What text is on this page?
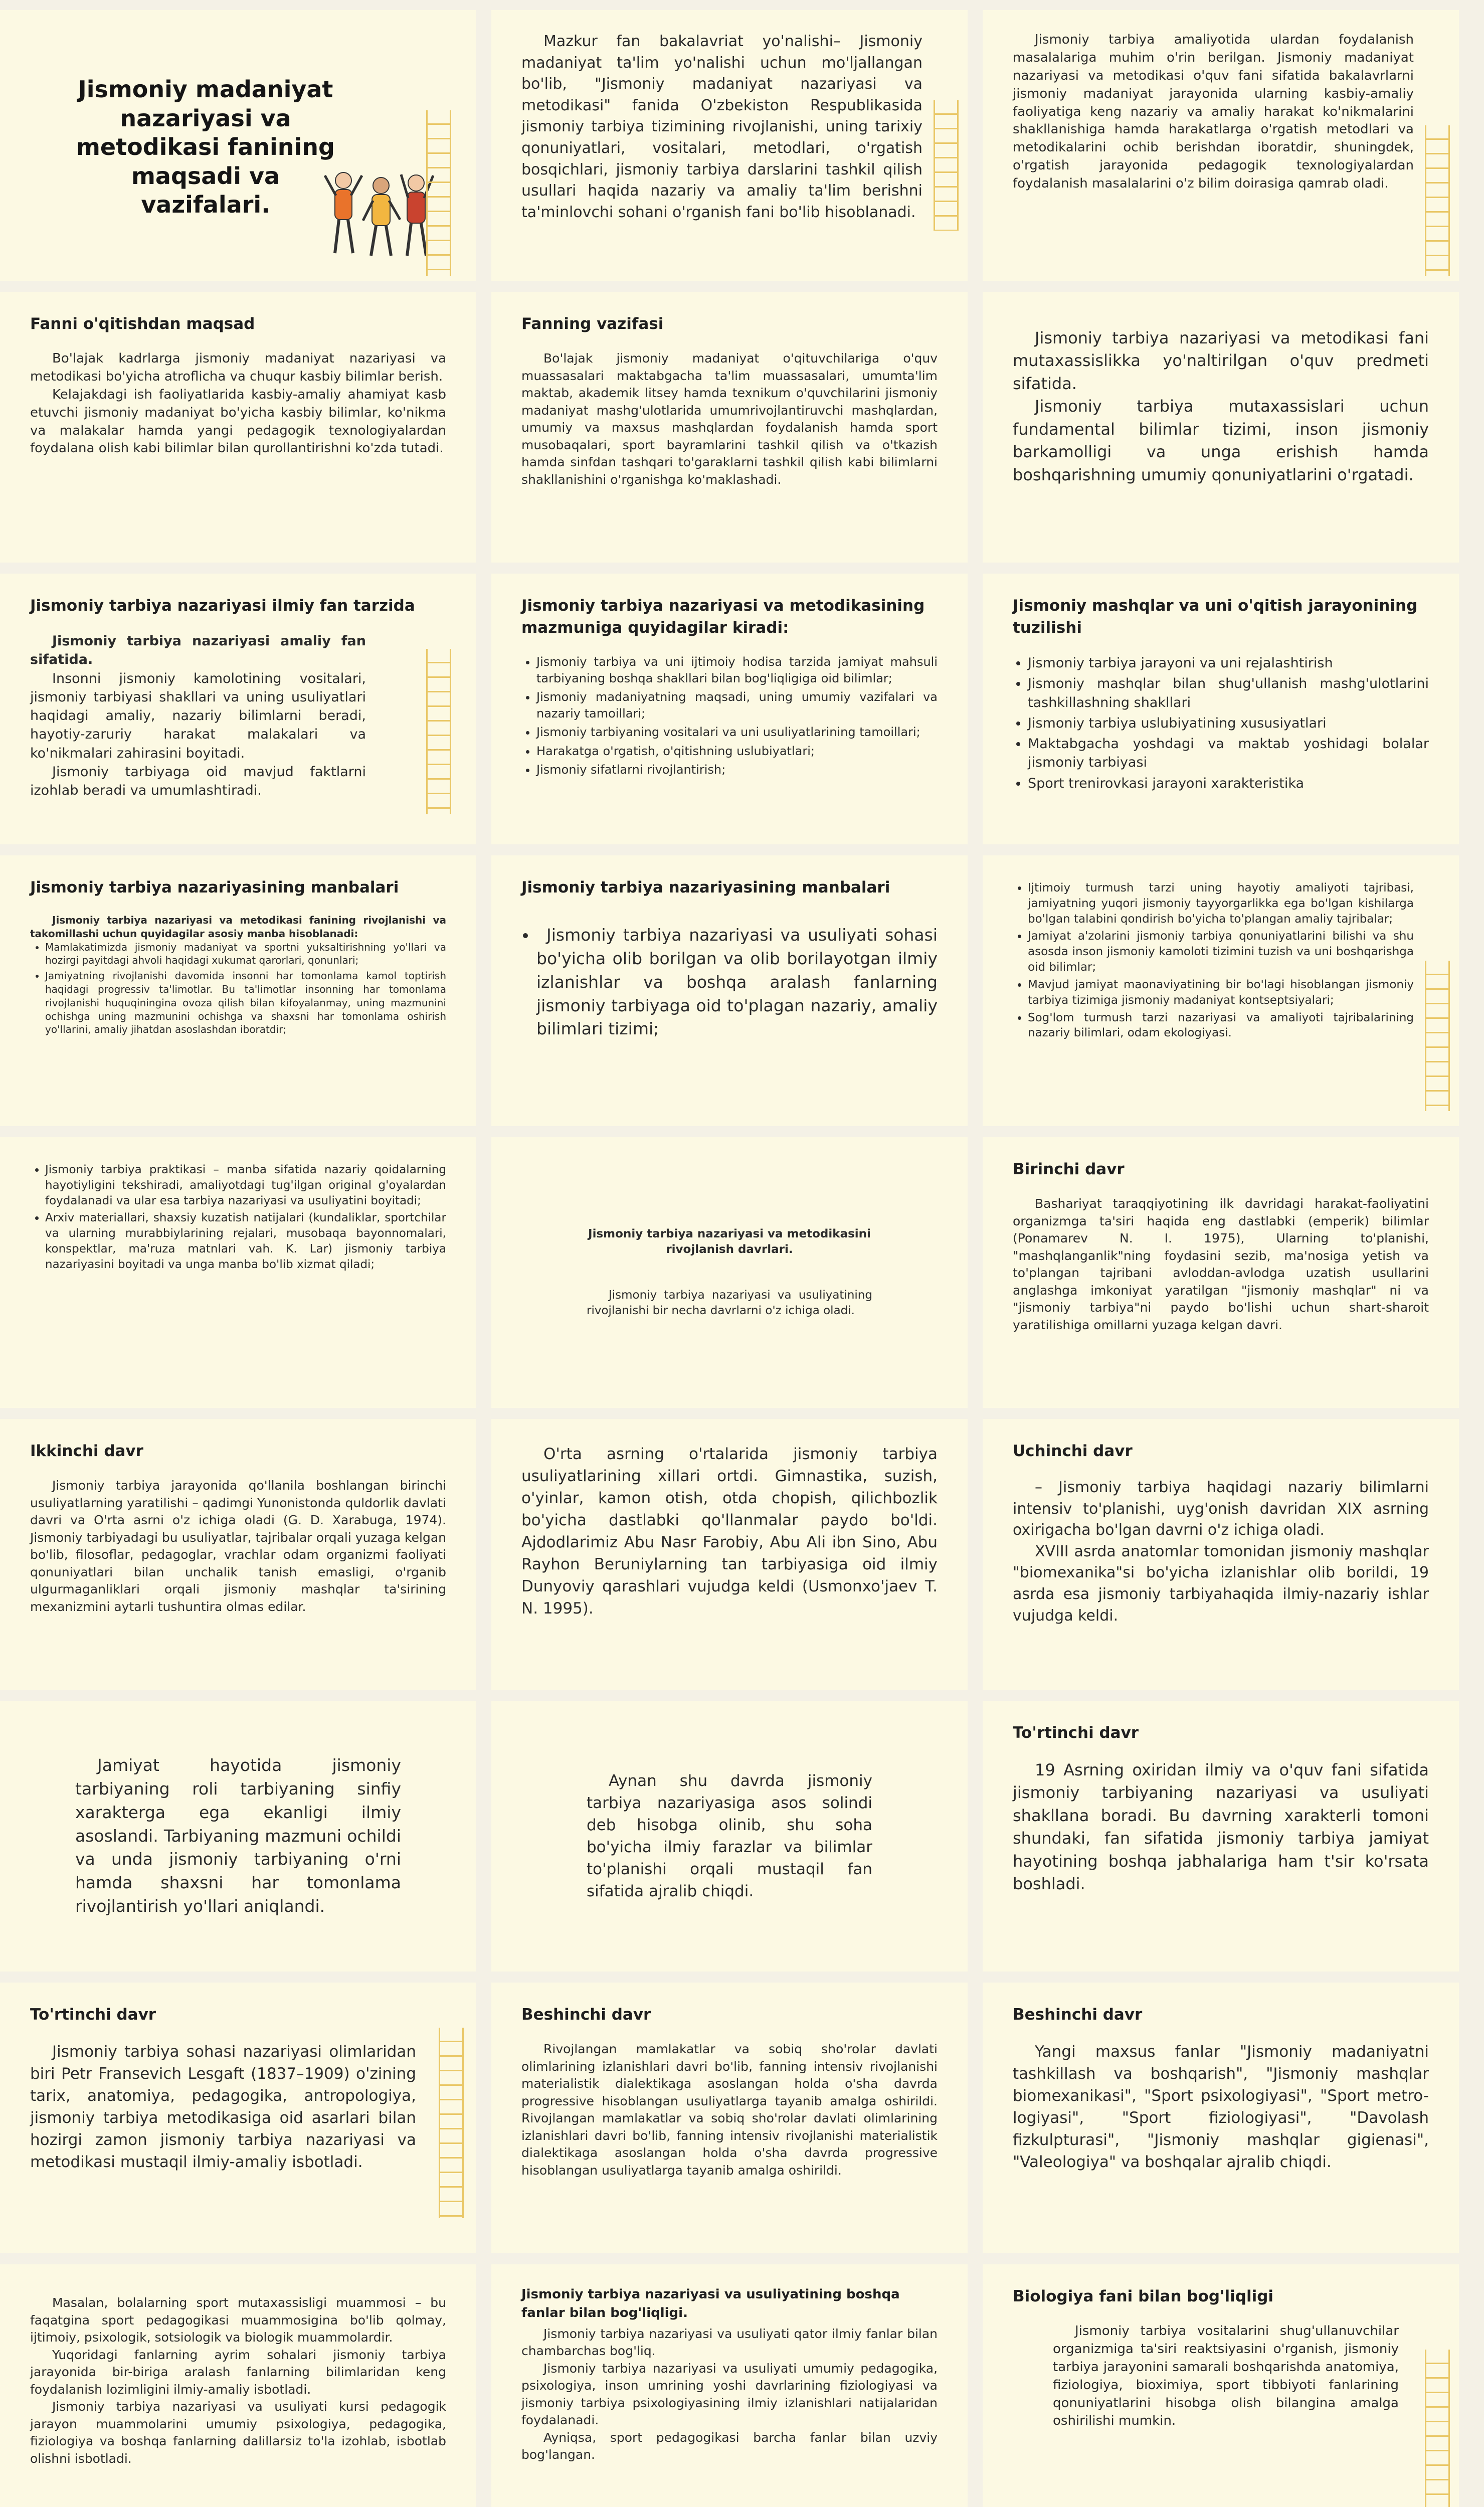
Jismoniy madaniyat nazariyasi va metodikasi fanining maqsadi va vazifalari.

Mazkur fan bakalavriat yo'nalishi– Jismoniy madaniyat ta'lim yo'nalishi uchun mo'ljallangan bo'lib, "Jismoniy madaniyat nazariyasi va metodikasi" fanida O'zbekiston Respublikasida jismoniy tarbiya tizimining rivojlanishi, uning tarixiy qonuniyatlari, vositalari, metodlari, o'rgatish bosqichlari, jismoniy tarbiya darslarini tashkil qilish usullari haqida nazariy va amaliy ta'lim berishni ta'minlovchi sohani o'rganish fani bo'lib hisoblanadi.

Jismoniy tarbiya amaliyotida ulardan foydalanish masalalariga muhim o'rin berilgan. Jismoniy madaniyat nazariyasi va metodikasi o'quv fani sifatida bakalavrlarni jismoniy madaniyat jarayonida ularning kasbiy-amaliy faoliyatiga keng nazariy va amaliy harakat ko'nikmalarini shakllanishiga hamda harakatlarga o'rgatish metodlari va metodikalarini ochib berishdan iboratdir, shuningdek, o'rgatish jarayonida pedagogik texnologiyalardan foydalanish masalalarini o'z bilim doirasiga qamrab oladi.

Fanni o'qitishdan maqsad

Bo'lajak kadrlarga jismoniy madaniyat nazariyasi va metodikasi bo'yicha atroflicha va chuqur kasbiy bilimlar berish.

Kelajakdagi ish faoliyatlarida kasbiy-amaliy ahamiyat kasb etuvchi jismoniy madaniyat bo'yicha kasbiy bilimlar, ko'nikma va malakalar hamda yangi pedagogik texnologiyalardan foydalana olish kabi bilimlar bilan qurollantirishni ko'zda tutadi.

Fanning vazifasi

Bo'lajak jismoniy madaniyat o'qituvchilariga o'quv muassasalari maktabgacha ta'lim muassasalari, umumta'lim maktab, akademik litsey hamda texnikum o'quvchilarini jismoniy madaniyat mashg'ulotlarida umumrivojlantiruvchi mashqlardan, umumiy va maxsus mashqlardan foydalanish hamda sport musobaqalari, sport bayramlarini tashkil qilish va o'tkazish hamda sinfdan tashqari to'garaklarni tashkil qilish kabi bilimlarni shakllanishini o'rganishga ko'maklashadi.

Jismoniy tarbiya nazariyasi va metodikasi fani mutaxassislikka yo'naltirilgan o'quv predmeti sifatida.

Jismoniy tarbiya mutaxassislari uchun fundamental bilimlar tizimi, inson jismoniy barkamolligi va unga erishish hamda boshqarishning umumiy qonuniyatlarini o'rgatadi.

Jismoniy tarbiya nazariyasi ilmiy fan tarzida

Jismoniy tarbiya nazariyasi amaliy fan sifatida.

Insonni jismoniy kamolotining vositalari, jismoniy tarbiyasi shakllari va uning usuliyatlari haqidagi amaliy, nazariy bilimlarni beradi, hayotiy-zaruriy harakat malakalari va ko'nikmalari zahirasini boyitadi.

Jismoniy tarbiyaga oid mavjud faktlarni izohlab beradi va umumlashtiradi.

Jismoniy tarbiya nazariyasi va metodikasining mazmuniga quyidagilar kiradi:
• Jismoniy tarbiya va uni ijtimoiy hodisa tarzida jamiyat mahsuli tarbiyaning boshqa shakllari bilan bog'liqligiga oid bilimlar;
• Jismoniy madaniyatning maqsadi, uning umumiy vazifalari va nazariy tamoillari;
• Jismoniy tarbiyaning vositalari va uni usuliyatlarining tamoillari;
• Harakatga o'rgatish, o'qitishning uslubiyatlari;
• Jismoniy sifatlarni rivojlantirish;
Jismoniy mashqlar va uni o'qitish jarayonining tuzilishi
• Jismoniy tarbiya jarayoni va uni rejalashtirish
• Jismoniy mashqlar bilan shug'ullanish mashg'ulotlarini tashkillashning shakllari
• Jismoniy tarbiya uslubiyatining xususiyatlari
• Maktabgacha yoshdagi va maktab yoshidagi bolalar jismoniy tarbiyasi
• Sport trenirovkasi jarayoni xarakteristika
Jismoniy tarbiya nazariyasining manbalari

Jismoniy tarbiya nazariyasi va metodikasi fanining rivojlanishi va takomillashi uchun quyidagilar asosiy manba hisoblanadi:

• Mamlakatimizda jismoniy madaniyat va sportni yuksaltirishning yo'llari va hozirgi payitdagi ahvoli haqidagi xukumat qarorlari, qonunlari;
• Jamiyatning rivojlanishi davomida insonni har tomonlama kamol toptirish haqidagi progressiv ta'limotlar. Bu ta'limotlar insonning har tomonlama rivojlanishi huquqiningina ovoza qilish bilan kifoyalanmay, uning mazmunini ochishga uning mazmunini ochishga va shaxsni har tomonlama oshirish yo'llarini, amaliy jihatdan asoslashdan iboratdir;
Jismoniy tarbiya nazariyasining manbalari
• Jismoniy tarbiya nazariyasi va usuliyati sohasi bo'yicha olib borilgan va olib borilayotgan ilmiy izlanishlar va boshqa aralash fanlarning jismoniy tarbiyaga oid to'plagan nazariy, amaliy bilimlari tizimi;
• Ijtimoiy turmush tarzi uning hayotiy amaliyoti tajribasi, jamiyatning yuqori jismoniy tayyorgarlikka ega bo'lgan kishilarga bo'lgan talabini qondirish bo'yicha to'plangan amaliy tajribalar;
• Jamiyat a'zolarini jismoniy tarbiya qonuniyatlarini bilishi va shu asosda inson jismoniy kamoloti tizimini tuzish va uni boshqarishga oid bilimlar;
• Mavjud jamiyat maonaviyatining bir bo'lagi hisoblangan jismoniy tarbiya tizimiga jismoniy madaniyat kontseptsiyalari;
• Sog'lom turmush tarzi nazariyasi va amaliyoti tajribalarining nazariy bilimlari, odam ekologiyasi.
• Jismoniy tarbiya praktikasi – manba sifatida nazariy qoidalarning hayotiyligini tekshiradi, amaliyotdagi tug'ilgan original g'oyalardan foydalanadi va ular esa tarbiya nazariyasi va usuliyatini boyitadi;
• Arxiv materiallari, shaxsiy kuzatish natijalari (kundaliklar, sportchilar va ularning murabbiylarining rejalari, musobaqa bayonnomalari, konspektlar, ma'ruza matnlari vah. K. Lar) jismoniy tarbiya nazariyasini boyitadi va unga manba bo'lib xizmat qiladi;

Jismoniy tarbiya nazariyasi va metodikasini rivojlanish davrlari.

Jismoniy tarbiya nazariyasi va usuliyatining rivojlanishi bir necha davrlarni o'z ichiga oladi.

Birinchi davr

Bashariyat taraqqiyotining ilk davridagi harakat-faoliyatini organizmga ta'siri haqida eng dastlabki (emperik) bilimlar (Ponamarev N. I. 1975), Ularning to'planishi, "mashqlanganlik"ning foydasini sezib, ma'nosiga yetish va to'plangan tajribani avloddan-avlodga uzatish usullarini anglashga imkoniyat yaratilgan "jismoniy mashqlar" ni va "jismoniy tarbiya"ni paydo bo'lishi uchun shart-sharoit yaratilishiga omillarni yuzaga kelgan davri.

Ikkinchi davr

Jismoniy tarbiya jarayonida qo'llanila boshlangan birinchi usuliyatlarning yaratilishi – qadimgi Yunonistonda quldorlik davlati davri va O'rta asrni o'z ichiga oladi (G. D. Xarabuga, 1974). Jismoniy tarbiyadagi bu usuliyatlar, tajribalar orqali yuzaga kelgan bo'lib, filosoflar, pedagoglar, vrachlar odam organizmi faoliyati qonuniyatlari bilan unchalik tanish emasligi, o'rganib ulgurmaganliklari orqali jismoniy mashqlar ta'sirining mexanizmini aytarli tushuntira olmas edilar.

O'rta asrning o'rtalarida jismoniy tarbiya usuliyatlarining xillari ortdi. Gimnastika, suzish, o'yinlar, kamon otish, otda chopish, qilichbozlik bo'yicha dastlabki qo'llanmalar paydo bo'ldi. Ajdodlarimiz Abu Nasr Farobiy, Abu Ali ibn Sino, Abu Rayhon Beruniylarning tan tarbiyasiga oid ilmiy Dunyoviy qarashlari vujudga keldi (Usmonxo'jaev T. N. 1995).

Uchinchi davr

– Jismoniy tarbiya haqidagi nazariy bilimlarni intensiv to'planishi, uyg'onish davridan XIX asrning oxirigacha bo'lgan davrni o'z ichiga oladi.

XVIII asrda anatomlar tomonidan jismoniy mashqlar "biomexanika"si bo'yicha izlanishlar olib borildi, 19 asrda esa jismoniy tarbiyahaqida ilmiy-nazariy ishlar vujudga keldi.

Jamiyat hayotida jismoniy tarbiyaning roli tarbiyaning sinfiy xarakterga ega ekanligi ilmiy asoslandi. Tarbiyaning mazmuni ochildi va unda jismoniy tarbiyaning o'rni hamda shaxsni har tomonlama rivojlantirish yo'llari aniqlandi.

Aynan shu davrda jismoniy tarbiya nazariyasiga asos solindi deb hisobga olinib, shu soha bo'yicha ilmiy farazlar va bilimlar to'planishi orqali mustaqil fan sifatida ajralib chiqdi.

To'rtinchi davr

19 Asrning oxiridan ilmiy va o'quv fani sifatida jismoniy tarbiyaning nazariyasi va usuliyati shakllana boradi. Bu davrning xarakterli tomoni shundaki, fan sifatida jismoniy tarbiya jamiyat hayotining boshqa jabhalariga ham t'sir ko'rsata boshladi.

To'rtinchi davr

Jismoniy tarbiya sohasi nazariyasi olimlaridan biri Petr Fransevich Lesgaft (1837–1909) o'zining tarix, anatomiya, pedagogika, antropologiya, jismoniy tarbiya metodikasiga oid asarlari bilan hozirgi zamon jismoniy tarbiya nazariyasi va metodikasi mustaqil ilmiy-amaliy isbotladi.

Beshinchi davr

Rivojlangan mamlakatlar va sobiq sho'rolar davlati olimlarining izlanishlari davri bo'lib, fanning intensiv rivojlanishi materialistik dialektikaga asoslangan holda o'sha davrda progressive hisoblangan usuliyatlarga tayanib amalga oshirildi. Rivojlangan mamlakatlar va sobiq sho'rolar davlati olimlarining izlanishlari davri bo'lib, fanning intensiv rivojlanishi materialistik dialektikaga asoslangan holda o'sha davrda progressive hisoblangan usuliyatlarga tayanib amalga oshirildi.

Beshinchi davr

Yangi maxsus fanlar "Jismoniy madaniyatni tashkillash va boshqarish", "Jismoniy mashqlar biomexanikasi", "Sport psixologiyasi", "Sport metro-logiyasi", "Sport fiziologiyasi", "Davolash fizkulpturasi", "Jismoniy mashqlar gigienasi", "Valeologiya" va boshqalar ajralib chiqdi.

Masalan, bolalarning sport mutaxassisligi muammosi – bu faqatgina sport pedagogikasi muammosigina bo'lib qolmay, ijtimoiy, psixologik, sotsiologik va biologik muammolardir.

Yuqoridagi fanlarning ayrim sohalari jismoniy tarbiya jarayonida bir-biriga aralash fanlarning bilimlaridan keng foydalanish lozimligini ilmiy-amaliy isbotladi.

Jismoniy tarbiya nazariyasi va usuliyati kursi pedagogik jarayon muammolarini umumiy psixologiya, pedagogika, fiziologiya va boshqa fanlarning dalillarsiz to'la izohlab, isbotlab olishni isbotladi.

Jismoniy tarbiya nazariyasi va usuliyatining boshqa fanlar bilan bog'liqligi.

Jismoniy tarbiya nazariyasi va usuliyati qator ilmiy fanlar bilan chambarchas bog'liq.

Jismoniy tarbiya nazariyasi va usuliyati umumiy pedagogika, psixologiya, inson umrining yoshi davrlarining fiziologiyasi va jismoniy tarbiya psixologiyasining ilmiy izlanishlari natijalaridan foydalanadi.

Ayniqsa, sport pedagogikasi barcha fanlar bilan uzviy bog'langan.

Biologiya fani bilan bog'liqligi

Jismoniy tarbiya vositalarini shug'ullanuvchilar organizmiga ta'siri reaktsiyasini o'rganish, jismoniy tarbiya jarayonini samarali boshqarishda anatomiya, fiziologiya, bioximiya, sport tibbiyoti fanlarining qonuniyatlarini hisobga olish bilangina amalga oshirilishi mumkin.
